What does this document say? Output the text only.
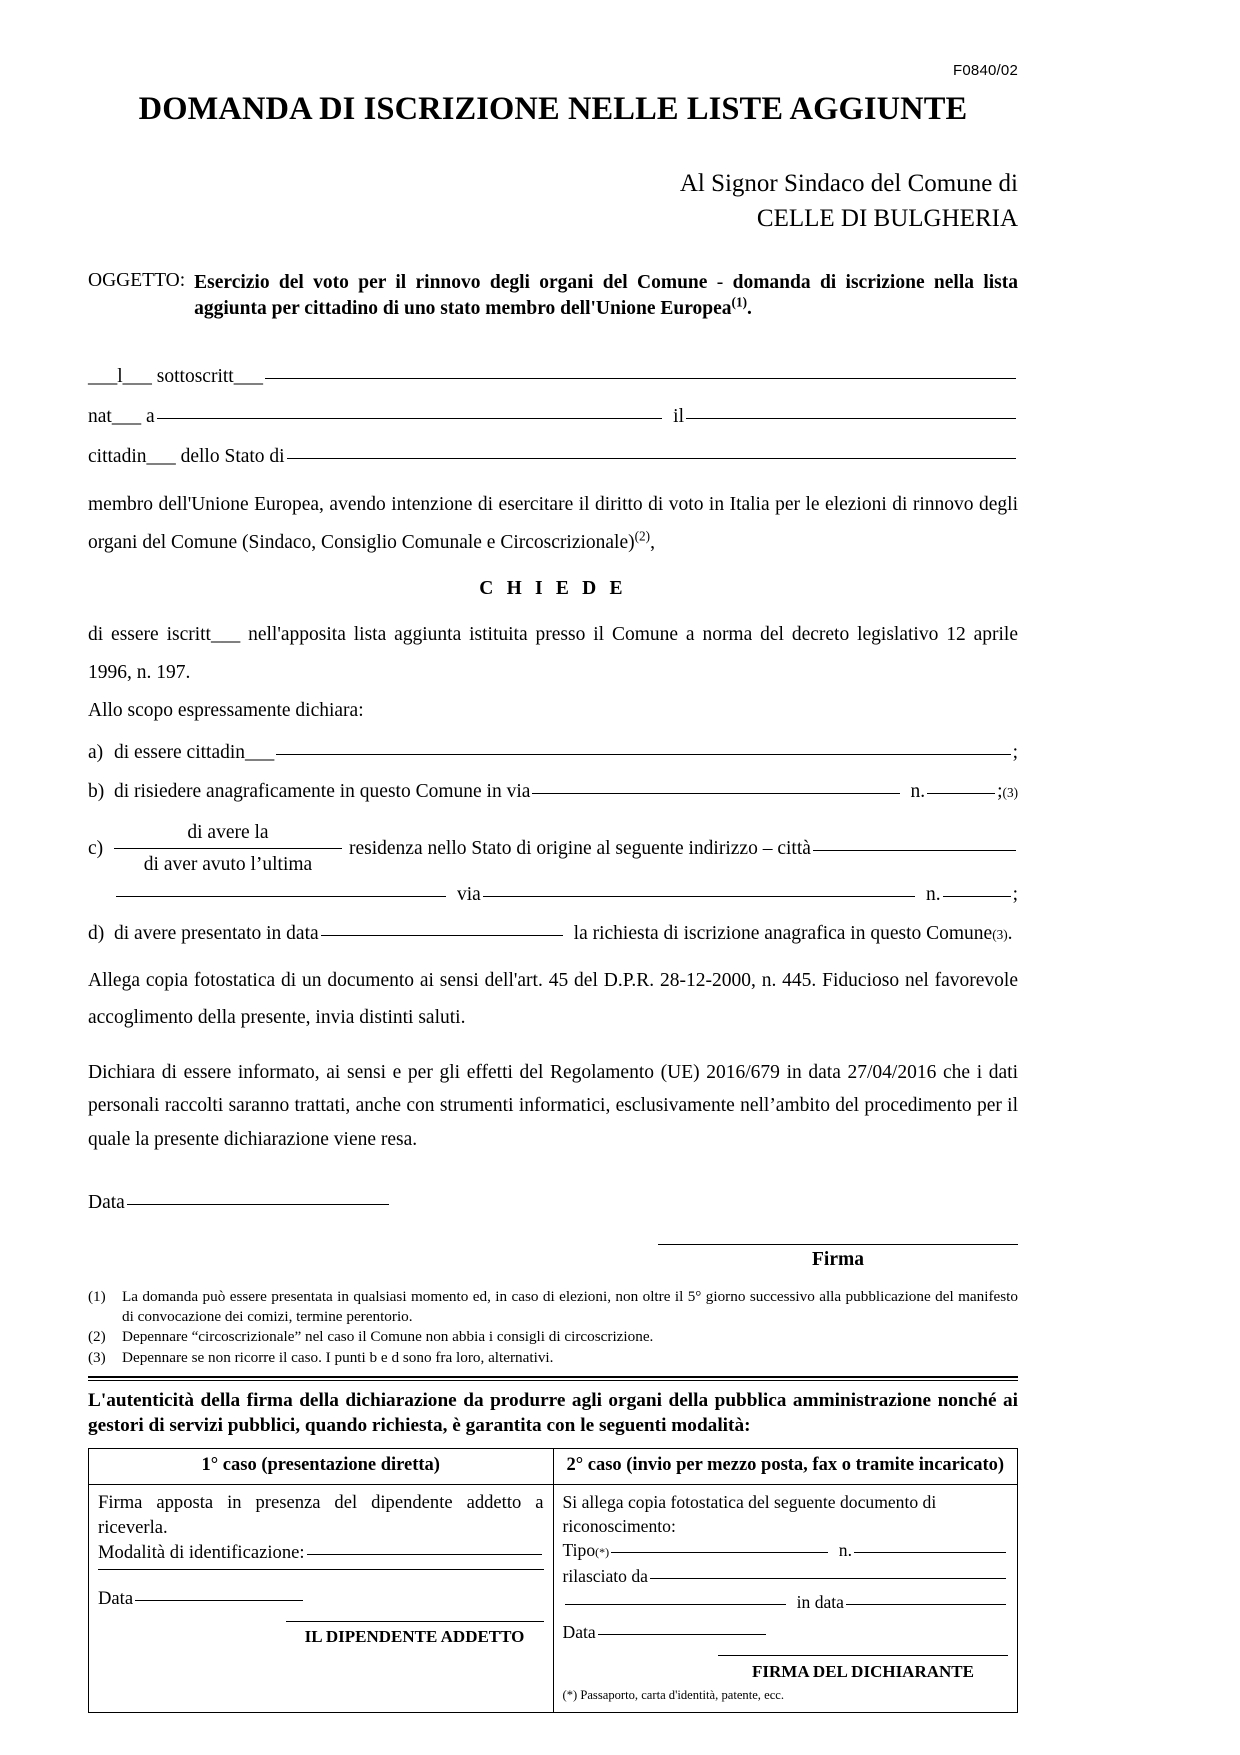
F0840/02
DOMANDA DI ISCRIZIONE NELLE LISTE AGGIUNTE
Al Signor Sindaco del Comune di
CELLE DI BULGHERIA
OGGETTO: Esercizio del voto per il rinnovo degli organi del Comune - domanda di iscrizione nella lista aggiunta per cittadino di uno stato membro dell'Unione Europea$^{(1)}$.
___l___ sottoscritt___
nat___ a	il
cittadin___ dello Stato di
membro dell'Unione Europea, avendo intenzione di esercitare il diritto di voto in Italia per le elezioni di rinnovo degli organi del Comune (Sindaco, Consiglio Comunale e Circoscrizionale)$^{(2)}$,
C H I E D E
di essere iscritt___ nell'apposita lista aggiunta istituita presso il Comune a norma del decreto legislativo 12 aprile 1996, n. 197.
Allo scopo espressamente dichiara:
a) di essere cittadin___	;
b) di risiedere anagraficamente in questo Comune in via	n.	; (3)
c)
di avere la
di aver avuto l’ultima
residenza nello Stato di origine al seguente indirizzo – città
via	n.	;
d) di avere presentato in data	la richiesta di iscrizione anagrafica in questo Comune (3) .
Allega copia fotostatica di un documento ai sensi dell'art. 45 del D.P.R. 28-12-2000, n. 445. Fiducioso nel favorevole accoglimento della presente, invia distinti saluti.
Dichiara di essere informato, ai sensi e per gli effetti del Regolamento (UE) 2016/679 in data 27/04/2016 che i dati personali raccolti saranno trattati, anche con strumenti informatici, esclusivamente nell’ambito del procedimento per il quale la presente dichiarazione viene resa.
Data
Firma
(1)	La domanda può essere presentata in qualsiasi momento ed, in caso di elezioni, non oltre il 5° giorno successivo alla pubblicazione del manifesto di convocazione dei comizi, termine perentorio.
(2)	Depennare “circoscrizionale” nel caso il Comune non abbia i consigli di circoscrizione.
(3)	Depennare se non ricorre il caso. I punti b e d sono fra loro, alternativi.
L'autenticità della firma della dichiarazione da produrre agli organi della pubblica amministrazione nonché ai gestori di servizi pubblici, quando richiesta, è garantita con le seguenti modalità:
1° caso (presentazione diretta)	2° caso (invio per mezzo posta, fax o tramite incaricato)

Firma apposta in presenza del dipendente addetto a riceverla.

Modalità di identificazione:
Data
IL DIPENDENTE ADDETTO

Si allega copia fotostatica del seguente documento di riconoscimento:

Tipo (*)	n.
rilasciato da
in data
Data
FIRMA DEL DICHIARANTE
(*) Passaporto, carta d'identità, patente, ecc.
